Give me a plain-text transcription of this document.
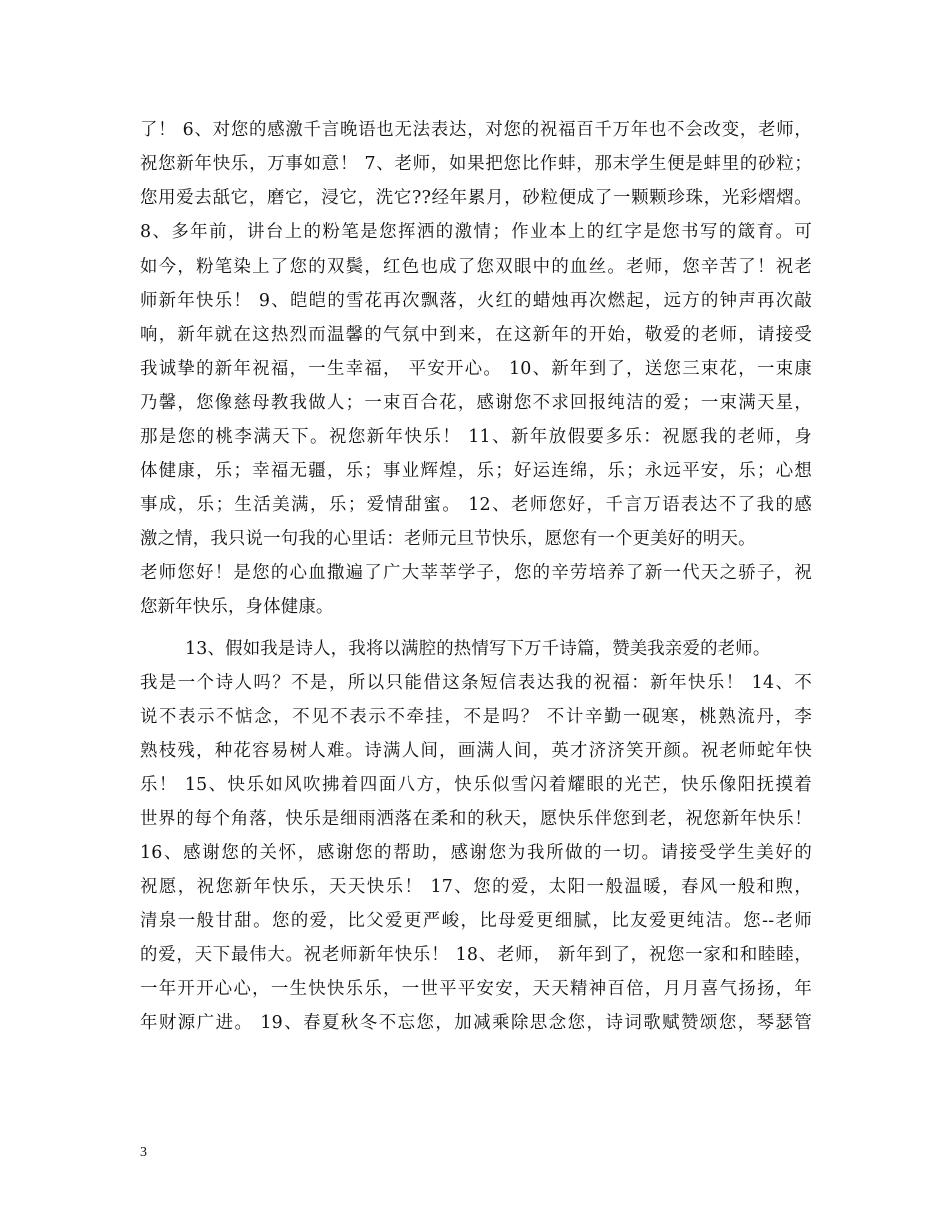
了！ 6、对您的感激千言晚语也无法表达，对您的祝福百千万年也不会改变，老师，
祝您新年快乐，万事如意！ 7、老师，如果把您比作蚌，那末学生便是蚌里的砂粒；
您用爱去舐它，磨它，浸它，洗它??经年累月，砂粒便成了一颗颗珍珠，光彩熠熠。
8、多年前，讲台上的粉笔是您挥洒的激情；作业本上的红字是您书写的箴育。可
如今，粉笔染上了您的双鬓，红色也成了您双眼中的血丝。老师，您辛苦了！祝老
师新年快乐！ 9、皑皑的雪花再次飘落，火红的蜡烛再次燃起，远方的钟声再次敲
响，新年就在这热烈而温馨的气氛中到来，在这新年的开始，敬爱的老师，请接受
我诚挚的新年祝福，一生幸福， 平安开心。 10、新年到了，送您三束花，一束康
乃馨，您像慈母教我做人；一束百合花，感谢您不求回报纯洁的爱；一束满天星，
那是您的桃李满天下。祝您新年快乐！ 11、新年放假要多乐：祝愿我的老师，身
体健康，乐；幸福无疆，乐；事业辉煌，乐；好运连绵，乐；永远平安，乐；心想
事成，乐；生活美满，乐；爱情甜蜜。 12、老师您好，千言万语表达不了我的感
激之情，我只说一句我的心里话：老师元旦节快乐，愿您有一个更美好的明天。
老师您好！是您的心血撒遍了广大莘莘学子，您的辛劳培养了新一代天之骄子，祝
您新年快乐，身体健康。
13、假如我是诗人，我将以满腔的热情写下万千诗篇，赞美我亲爱的老师。
我是一个诗人吗？不是，所以只能借这条短信表达我的祝福：新年快乐！ 14、不
说不表示不惦念，不见不表示不牵挂，不是吗？ 不计辛勤一砚寒，桃熟流丹，李
熟枝残，种花容易树人难。诗满人间，画满人间，英才济济笑开颜。祝老师蛇年快
乐！ 15、快乐如风吹拂着四面八方，快乐似雪闪着耀眼的光芒，快乐像阳抚摸着
世界的每个角落，快乐是细雨洒落在柔和的秋天，愿快乐伴您到老，祝您新年快乐！
16、感谢您的关怀，感谢您的帮助，感谢您为我所做的一切。请接受学生美好的
祝愿，祝您新年快乐，天天快乐！ 17、您的爱，太阳一般温暖，春风一般和煦，
清泉一般甘甜。您的爱，比父爱更严峻，比母爱更细腻，比友爱更纯洁。您--老师
的爱，天下最伟大。祝老师新年快乐！ 18、老师， 新年到了，祝您一家和和睦睦，
一年开开心心，一生快快乐乐，一世平平安安，天天精神百倍，月月喜气扬扬，年
年财源广进。 19、春夏秋冬不忘您，加减乘除思念您，诗词歌赋赞颂您，琴瑟管
3
